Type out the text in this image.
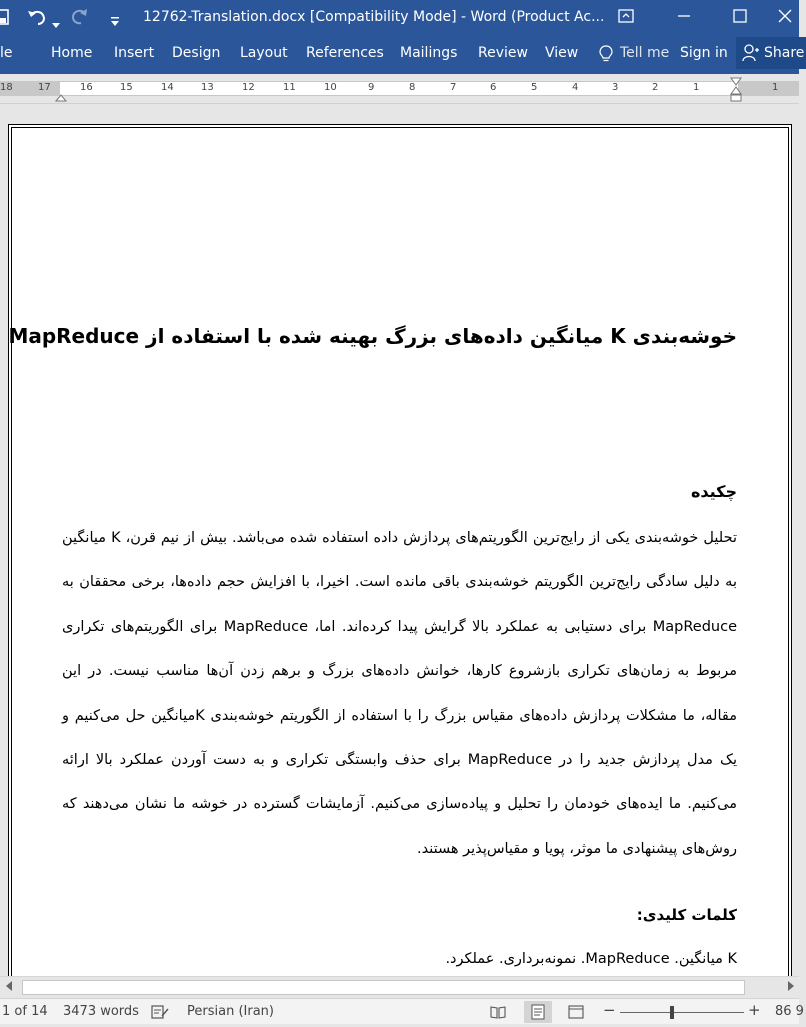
12762-Translation.docx [Compatibility Mode] - Word (Product Ac...
le	Home Insert Design Layout References Mailings Review View	Tell me Sign in	Share
18	17	16	15	14	13	12	11	10	9	8	7	6	5	4	3	2	1	1
خوشه‌بندی K میانگین داده‌های بزرگ بهینه شده با استفاده از MapReduce
چکیده
تحلیل خوشه‌بندی یکی از رایج‌ترین الگوریتم‌های پردازش داده استفاده شده می‌باشد. بیش از نیم قرن، K میانگین به دلیل سادگی رایج‌ترین الگوریتم خوشه‌بندی باقی مانده است. اخیرا، با افزایش حجم داده‌ها، برخی محققان به MapReduce برای دستیابی به عملکرد بالا گرایش پیدا کرده‌اند. اما، MapReduce برای الگوریتم‌های تکراری مربوط به زمان‌های تکراری بازشروع کارها، خوانش داده‌های بزرگ و برهم زدن آن‌ها مناسب نیست. در این مقاله، ما مشکلات پردازش داده‌های مقیاس بزرگ را با استفاده از الگوریتم خوشه‌بندی Kمیانگین حل می‌کنیم و یک مدل پردازش جدید را در MapReduce برای حذف وابستگی تکراری و به دست آوردن عملکرد بالا ارائه می‌کنیم. ما ایده‌های خودمان را تحلیل و پیاده‌سازی می‌کنیم. آزمایشات گسترده در خوشه ما نشان می‌دهند که روش‌های پیشنهادی ما موثر، پویا و مقیاس‌پذیر هستند.
کلمات کلیدی:
K میانگین. MapReduce. نمونه‌برداری. عملکرد.
1 of 14 3473 words	Persian (Iran)	−	+ 86 9
